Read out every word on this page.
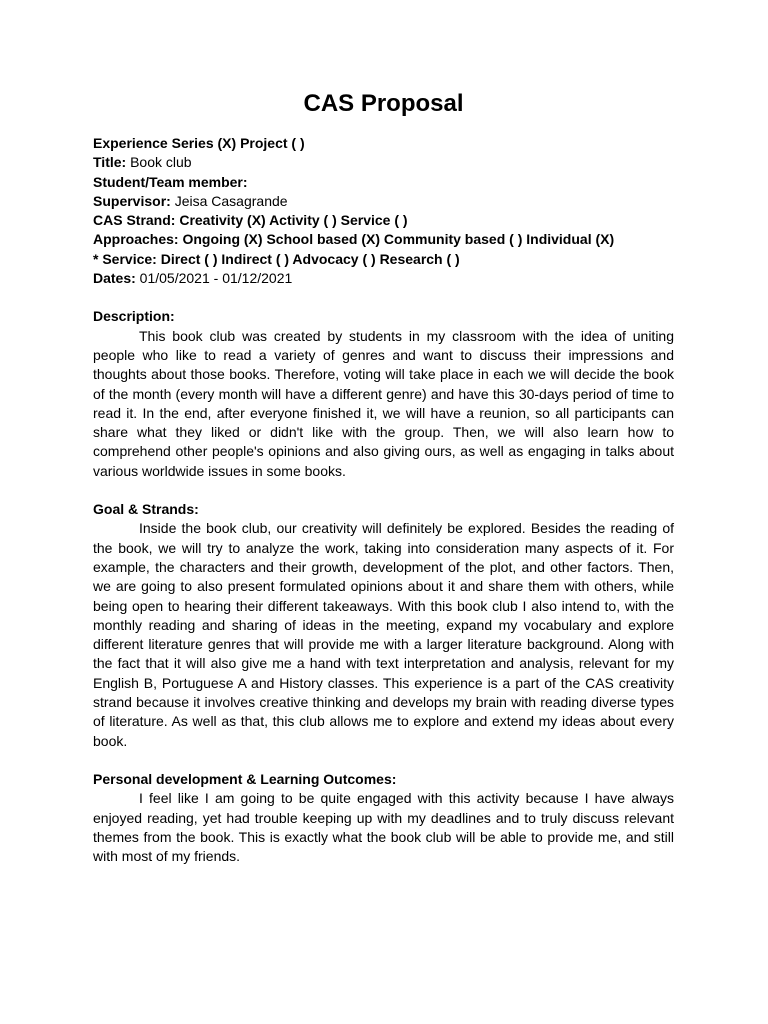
CAS Proposal
Experience Series (X) Project ( )
Title: Book club
Student/Team member:
Supervisor: Jeisa Casagrande
CAS Strand: Creativity (X) Activity ( ) Service ( )
Approaches: Ongoing (X) School based (X) Community based ( ) Individual (X)
* Service: Direct ( ) Indirect ( ) Advocacy ( ) Research ( )
Dates: 01/05/2021 - 01/12/2021
Description:

This book club was created by students in my classroom with the idea of uniting people who like to read a variety of genres and want to discuss their impressions and thoughts about those books. Therefore, voting will take place in each we will decide the book of the month (every month will have a different genre) and have this 30-days period of time to read it. In the end, after everyone finished it, we will have a reunion, so all participants can share what they liked or didn't like with the group. Then, we will also learn how to comprehend other people's opinions and also giving ours, as well as engaging in talks about various worldwide issues in some books.

Goal & Strands:

Inside the book club, our creativity will definitely be explored. Besides the reading of the book, we will try to analyze the work, taking into consideration many aspects of it. For example, the characters and their growth, development of the plot, and other factors. Then, we are going to also present formulated opinions about it and share them with others, while being open to hearing their different takeaways. With this book club I also intend to, with the monthly reading and sharing of ideas in the meeting, expand my vocabulary and explore different literature genres that will provide me with a larger literature background. Along with the fact that it will also give me a hand with text interpretation and analysis, relevant for my English B, Portuguese A and History classes. This experience is a part of the CAS creativity strand because it involves creative thinking and develops my brain with reading diverse types of literature. As well as that, this club allows me to explore and extend my ideas about every book.

Personal development & Learning Outcomes:

I feel like I am going to be quite engaged with this activity because I have always enjoyed reading, yet had trouble keeping up with my deadlines and to truly discuss relevant themes from the book. This is exactly what the book club will be able to provide me, and still with most of my friends.
